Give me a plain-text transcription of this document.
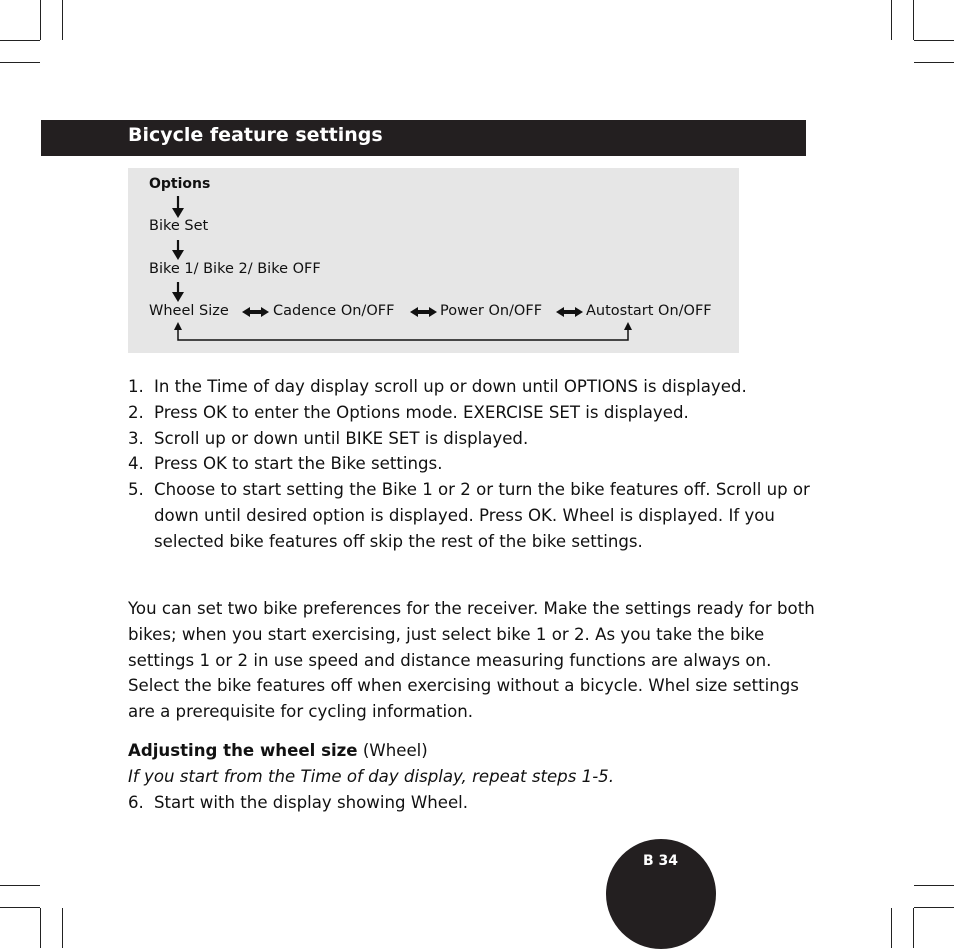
Bicycle feature settings
Options
Bike Set
Bike 1/ Bike 2/ Bike OFF
Wheel Size	Cadence On/OFF	Power On/OFF	Autostart On/OFF
1. In the Time of day display scroll up or down until OPTIONS is displayed.
2. Press OK to enter the Options mode. EXERCISE SET is displayed.
3. Scroll up or down until BIKE SET is displayed.
4. Press OK to start the Bike settings.
5. Choose to start setting the Bike 1 or 2 or turn the bike features off. Scroll up or down until desired option is displayed. Press OK. Wheel is displayed. If you selected bike features off skip the rest of the bike settings.
You can set two bike preferences for the receiver. Make the settings ready for both bikes; when you start exercising, just select bike 1 or 2. As you take the bike settings 1 or 2 in use speed and distance measuring functions are always on. Select the bike features off when exercising without a bicycle. Whel size settings are a prerequisite for cycling information.
Adjusting the wheel size (Wheel)
If you start from the Time of day display, repeat steps 1-5.
6. Start with the display showing Wheel.
B 34
